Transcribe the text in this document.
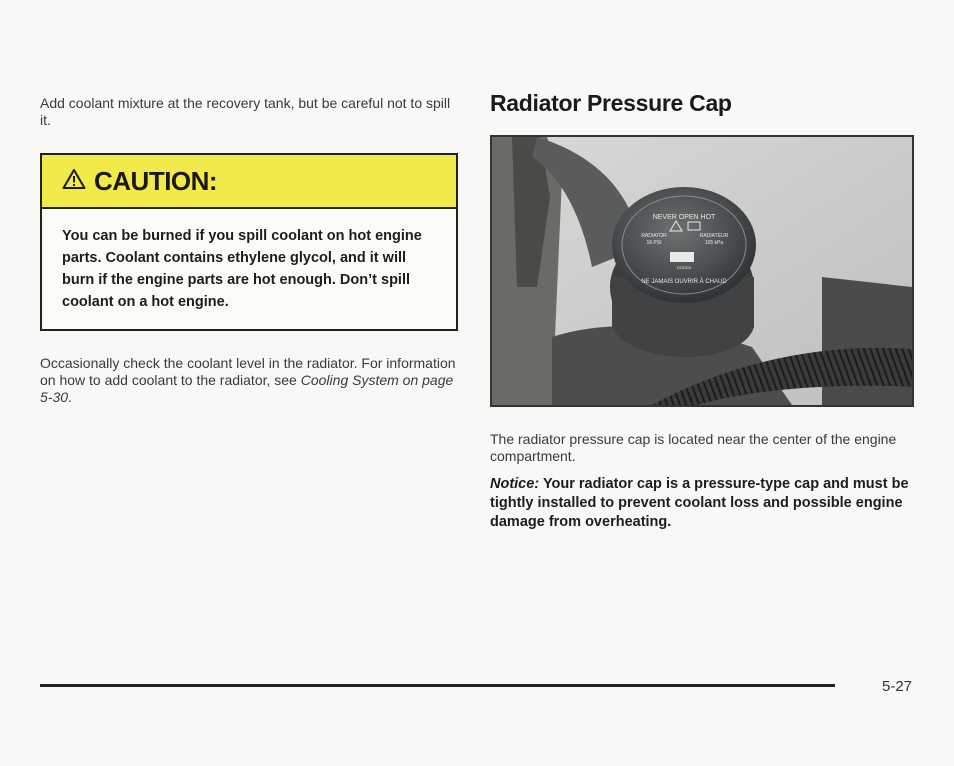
Add coolant mixture at the recovery tank, but be careful not to spill it.

CAUTION:
You can be burned if you spill coolant on hot engine parts. Coolant contains ethylene glycol, and it will burn if the engine parts are hot enough. Don’t spill coolant on a hot engine.

Occasionally check the coolant level in the radiator. For information on how to add coolant to the radiator, see Cooling System on page 5-30.

Radiator Pressure Cap
NEVER OPEN HOT
RADIATOR
16 PSI
RADIATEUR
105 kPa
D23303
NE JAMAIS OUVRIR À CHAUD

The radiator pressure cap is located near the center of the engine compartment.

Notice: Your radiator cap is a pressure-type cap and must be tightly installed to prevent coolant loss and possible engine damage from overheating.
5-27
